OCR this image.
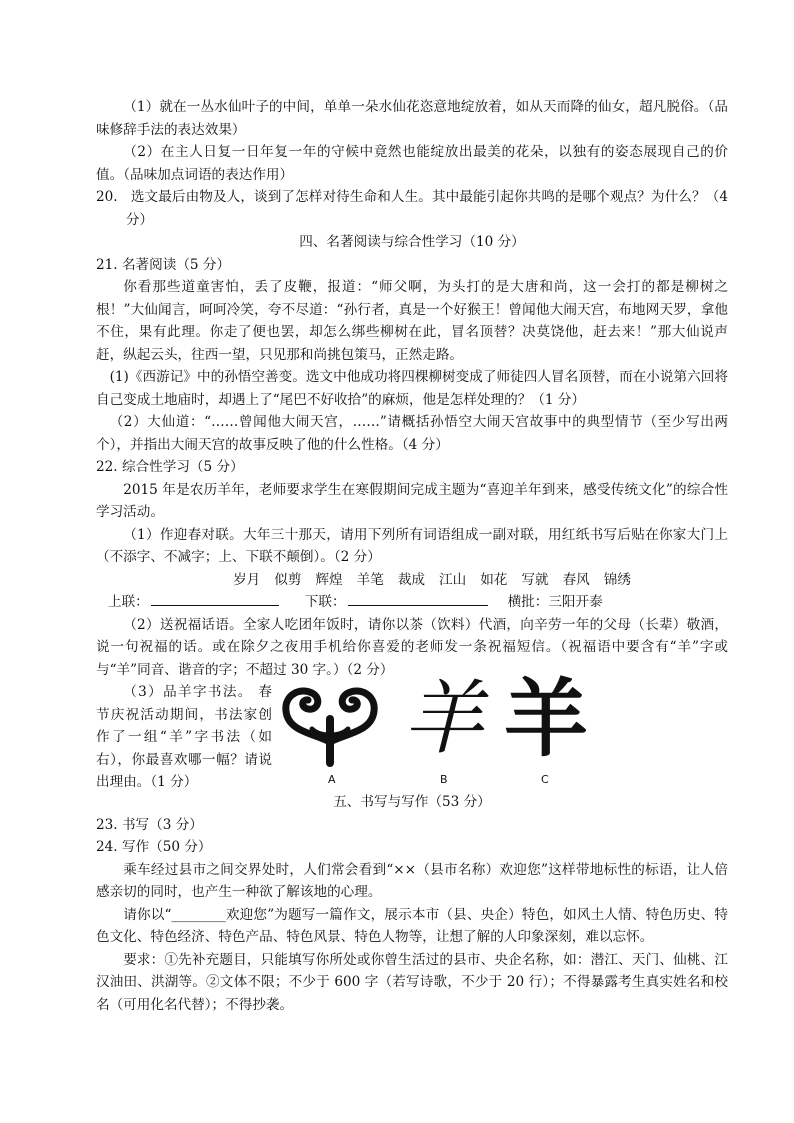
（1）就在一丛水仙叶子的中间，单单一朵水仙花恣意地绽放着，如从天而降的仙女，超凡脱俗。（品味修辞手法的表达效果）

（2）在主人日复一日年复一年的守候中竟然也能绽放出最美的花朵，以独有的姿态展现自己的价值。（品味加点词语的表达作用）

20. 选文最后由物及人，谈到了怎样对待生命和人生。其中最能引起你共鸣的是哪个观点？为什么？（4分）

四、名著阅读与综合性学习（10 分）

21. 名著阅读（5 分）

你看那些道童害怕，丢了皮鞭，报道：“师父啊，为头打的是大唐和尚，这一会打的都是柳树之根！”大仙闻言，呵呵冷笑，夸不尽道：“孙行者，真是一个好猴王！曾闻他大闹天宫，布地网天罗，拿他不住，果有此理。你走了便也罢，却怎么绑些柳树在此，冒名顶替？决莫饶他，赶去来！”那大仙说声赶，纵起云头，往西一望，只见那和尚挑包策马，正然走路。

(1)《西游记》中的孙悟空善变。选文中他成功将四棵柳树变成了师徒四人冒名顶替，而在小说第六回将自己变成土地庙时，却遇上了“尾巴不好收拾”的麻烦，他是怎样处理的？（1 分）

（2）大仙道：“……曾闻他大闹天宫，……”请概括孙悟空大闹天宫故事中的典型情节（至少写出两个），并指出大闹天宫的故事反映了他的什么性格。（4 分）

22. 综合性学习（5 分）

2015 年是农历羊年，老师要求学生在寒假期间完成主题为“喜迎羊年到来，感受传统文化”的综合性学习活动。

（1）作迎春对联。大年三十那天，请用下列所有词语组成一副对联，用红纸书写后贴在你家大门上（不添字、不减字；上、下联不颠倒）。（2 分）

岁月 似剪 辉煌 羊笔 裁成 江山 如花 写就 春风 锦绣
上联：	下联：	横批：三阳开泰

（2）送祝福话语。全家人吃团年饭时，请你以茶（饮料）代酒，向辛劳一年的父母（长辈）敬酒，说一句祝福的话。或在除夕之夜用手机给你喜爱的老师发一条祝福短信。（祝福语中要含有“羊”字或与“羊”同音、谐音的字；不超过 30 字。）（2 分）

（3）品羊字书法。 春节庆祝活动期间，书法家创作了一组“羊”字书法（如右），你最喜欢哪一幅？请说出理由。（1 分）

羊 羊
A	B	C

五、书写与写作（53 分）

23. 书写（3 分）

24. 写作（50 分）

乘车经过县市之间交界处时，人们常会看到“××（县市名称）欢迎您”这样带地标性的标语，让人倍感亲切的同时，也产生一种欲了解该地的心理。

请你以“________欢迎您”为题写一篇作文，展示本市（县、央企）特色，如风土人情、特色历史、特色文化、特色经济、特色产品、特色风景、特色人物等，让想了解的人印象深刻，难以忘怀。

要求：①先补充题目，只能填写你所处或你曾生活过的县市、央企名称，如：潜江、天门、仙桃、江汉油田、洪湖等。②文体不限；不少于 600 字（若写诗歌，不少于 20 行）；不得暴露考生真实姓名和校名（可用化名代替）；不得抄袭。
